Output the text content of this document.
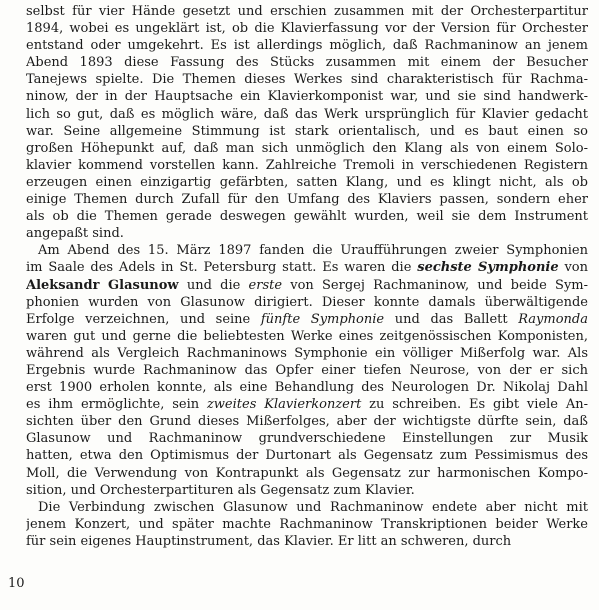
selbst für vier Hände gesetzt und erschien zusammen mit der Orchesterpartitur
1894, wobei es ungeklärt ist, ob die Klavierfassung vor der Version für Orchester
entstand oder umgekehrt. Es ist allerdings möglich, daß Rachmaninow an jenem
Abend 1893 diese Fassung des Stücks zusammen mit einem der Besucher
Tanejews spielte. Die Themen dieses Werkes sind charakteristisch für Rachma-
ninow, der in der Hauptsache ein Klavierkomponist war, und sie sind handwerk-
lich so gut, daß es möglich wäre, daß das Werk ursprünglich für Klavier gedacht
war. Seine allgemeine Stimmung ist stark orientalisch, und es baut einen so
großen Höhepunkt auf, daß man sich unmöglich den Klang als von einem Solo-
klavier kommend vorstellen kann. Zahlreiche Tremoli in verschiedenen Registern
erzeugen einen einzigartig gefärbten, satten Klang, und es klingt nicht, als ob
einige Themen durch Zufall für den Umfang des Klaviers passen, sondern eher
als ob die Themen gerade deswegen gewählt wurden, weil sie dem Instrument
angepaßt sind.
Am Abend des 15. März 1897 fanden die Uraufführungen zweier Symphonien
im Saale des Adels in St. Petersburg statt. Es waren die sechste Symphonie von
Aleksandr Glasunow und die erste von Sergej Rachmaninow, und beide Sym-
phonien wurden von Glasunow dirigiert. Dieser konnte damals überwältigende
Erfolge verzeichnen, und seine fünfte Symphonie und das Ballett Raymonda
waren gut und gerne die beliebtesten Werke eines zeitgenössischen Komponisten,
während als Vergleich Rachmaninows Symphonie ein völliger Mißerfolg war. Als
Ergebnis wurde Rachmaninow das Opfer einer tiefen Neurose, von der er sich
erst 1900 erholen konnte, als eine Behandlung des Neurologen Dr. Nikolaj Dahl
es ihm ermöglichte, sein zweites Klavierkonzert zu schreiben. Es gibt viele An-
sichten über den Grund dieses Mißerfolges, aber der wichtigste dürfte sein, daß
Glasunow und Rachmaninow grundverschiedene Einstellungen zur Musik
hatten, etwa den Optimismus der Durtonart als Gegensatz zum Pessimismus des
Moll, die Verwendung von Kontrapunkt als Gegensatz zur harmonischen Kompo-
sition, und Orchesterpartituren als Gegensatz zum Klavier.
Die Verbindung zwischen Glasunow und Rachmaninow endete aber nicht mit
jenem Konzert, und später machte Rachmaninow Transkriptionen beider Werke
für sein eigenes Hauptinstrument, das Klavier. Er litt an schweren, durch
10
